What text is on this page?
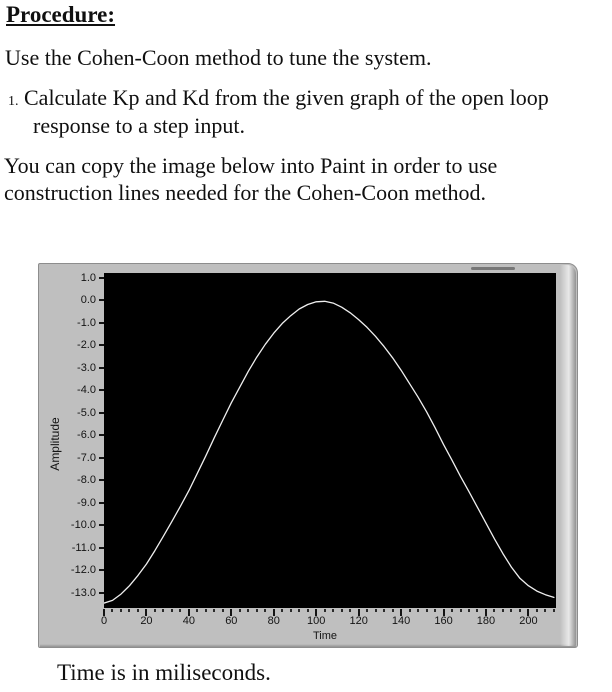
Procedure:
Use the Cohen-Coon method to tune the system.
1. Calculate Kp and Kd from the given graph of the open loop
response to a step input.
You can copy the image below into Paint in order to use
construction lines needed for the Cohen-Coon method.
Amplitude
Time
1.0
0.0
-1.0
-2.0
-3.0
-4.0
-5.0
-6.0
-7.0
-8.0
-9.0
-10.0
-11.0
-12.0
-13.0
0	20	40	60	80 100 120 140 160 180 200
Time is in miliseconds.
